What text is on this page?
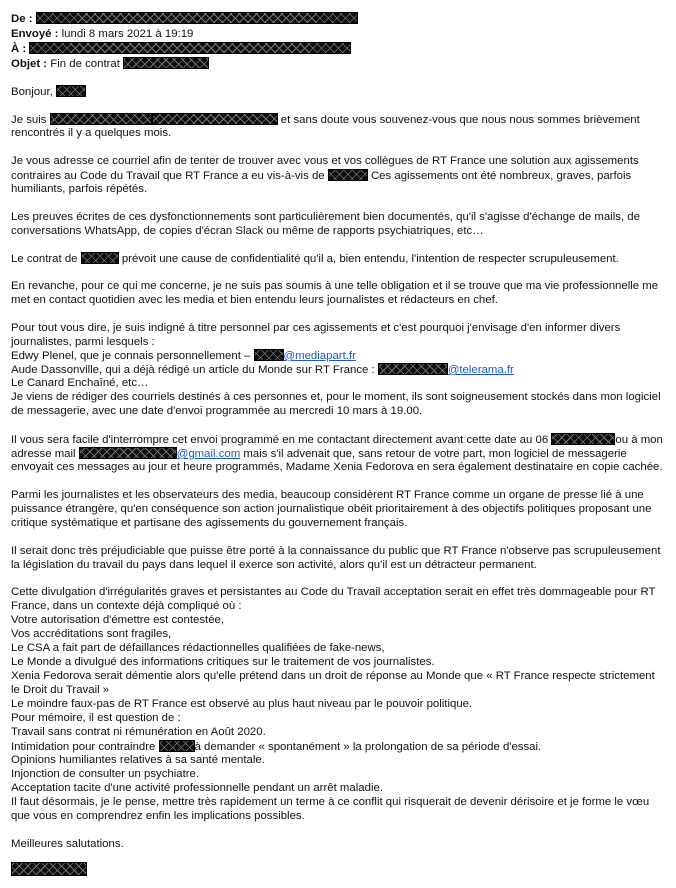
De :
Envoyé : lundi 8 mars 2021 à 19:19
À :
Objet : Fin de contrat
Bonjour,
Je suis	et sans doute vous souvenez-vous que nous nous sommes brièvement
rencontrés il y a quelques mois.
Je vous adresse ce courriel afin de tenter de trouver avec vous et vos collègues de RT France une solution aux agissements
contraires au Code du Travail que RT France a eu vis-à-vis de	Ces agissements ont été nombreux, graves, parfois
humiliants, parfois répétés.
Les preuves écrites de ces dysfonctionnements sont particulièrement bien documentés, qu'il s'agisse d'échange de mails, de
conversations WhatsApp, de copies d'écran Slack ou même de rapports psychiatriques, etc…
Le contrat de	prévoit une cause de confidentialité qu'il a, bien entendu, l'intention de respecter scrupuleusement.
En revanche, pour ce qui me concerne, je ne suis pas soumis à une telle obligation et il se trouve que ma vie professionnelle me
met en contact quotidien avec les media et bien entendu leurs journalistes et rédacteurs en chef.
Pour tout vous dire, je suis indigné à titre personnel par ces agissements et c'est pourquoi j'envisage d'en informer divers
journalistes, parmi lesquels :
Edwy Plenel, que je connais personnellement –	@mediapart.fr
Aude Dassonville, qui a déjà rédigé un article du Monde sur RT France :	@telerama.fr
Le Canard Enchaîné, etc…
Je viens de rédiger des courriels destinés à ces personnes et, pour le moment, ils sont soigneusement stockés dans mon logiciel
de messagerie, avec une date d'envoi programmée au mercredi 10 mars à 19.00.
Il vous sera facile d'interrompre cet envoi programmé en me contactant directement avant cette date au 06	ou à mon
adresse mail	@gmail.com mais s'il advenait que, sans retour de votre part, mon logiciel de messagerie
envoyait ces messages au jour et heure programmés, Madame Xenia Fedorova en sera également destinataire en copie cachée.
Parmi les journalistes et les observateurs des media, beaucoup considèrent RT France comme un organe de presse lié à une
puissance étrangère, qu'en conséquence son action journalistique obéit prioritairement à des objectifs politiques proposant une
critique systématique et partisane des agissements du gouvernement français.
Il serait donc très préjudiciable que puisse être porté à la connaissance du public que RT France n'observe pas scrupuleusement
la législation du travail du pays dans lequel il exerce son activité, alors qu'il est un détracteur permanent.
Cette divulgation d'irrégularités graves et persistantes au Code du Travail acceptation serait en effet très dommageable pour RT
France, dans un contexte déjà compliqué où :
Votre autorisation d'émettre est contestée,
Vos accréditations sont fragiles,
Le CSA a fait part de défaillances rédactionnelles qualifiées de fake-news,
Le Monde a divulgué des informations critiques sur le traitement de vos journalistes.
Xenia Fedorova serait démentie alors qu'elle prétend dans un droit de réponse au Monde que « RT France respecte strictement
le Droit du Travail »
Le moindre faux-pas de RT France est observé au plus haut niveau par le pouvoir politique.
Pour mémoire, il est question de :
Travail sans contrat ni rémunération en Août 2020.
Intimidation pour contraindre	à demander « spontanément » la prolongation de sa période d'essai.
Opinions humiliantes relatives à sa santé mentale.
Injonction de consulter un psychiatre.
Acceptation tacite d'une activité professionnelle pendant un arrêt maladie.
Il faut désormais, je le pense, mettre très rapidement un terme à ce conflit qui risquerait de devenir dérisoire et je forme le vœu
que vous en comprendrez enfin les implications possibles.
Meilleures salutations.
